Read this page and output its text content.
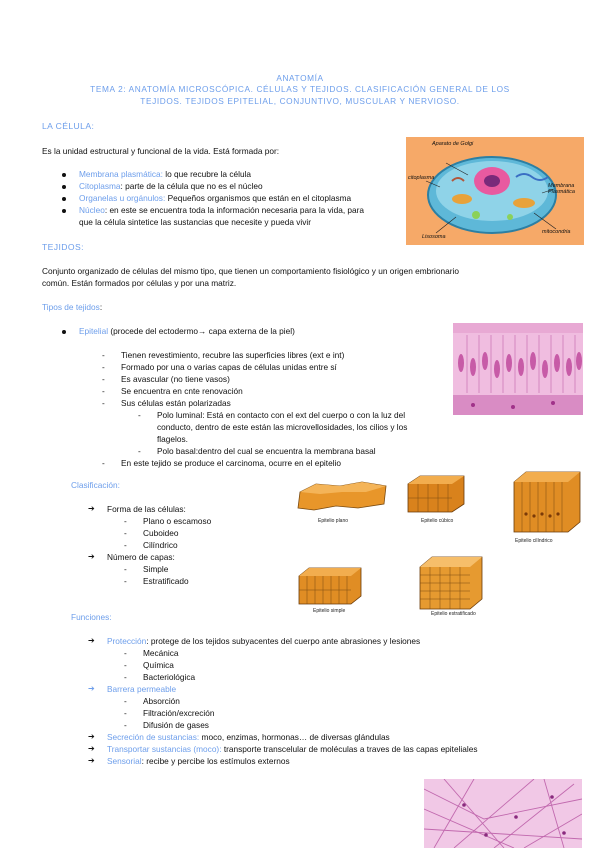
ANATOMÍA
TEMA 2: ANATOMÍA MICROSCÓPICA. CÉLULAS Y TEJIDOS. CLASIFICACIÓN GENERAL DE LOS
TEJIDOS. TEJIDOS EPITELIAL, CONJUNTIVO, MUSCULAR Y NERVIOSO.
LA CÉLULA:
Es la unidad estructural y funcional de la vida. Está formada por:
Membrana plasmática: lo que recubre la célula
Citoplasma: parte de la célula que no es el núcleo
Organelas u orgánulos: Pequeños organismos que están en el citoplasma
Núcleo: en este se encuentra toda la información necesaria para la vida, para
que la célula sintetice las sustancias que necesite y pueda vivir
Aparato de Golgi
citoplasma
Membrana Plasmática
Lisosoma
mitocondria
TEJIDOS:
Conjunto organizado de células del mismo tipo, que tienen un comportamiento fisiológico y un origen embrionario
común. Están formados por células y por una matriz.
Tipos de tejidos:
Epitelial (procede del ectodermo→ capa externa de la piel)
- Tienen revestimiento, recubre las superficies libres (ext e int)
- Formado por una o varias capas de células unidas entre sí
- Es avascular (no tiene vasos)
- Se encuentra en cnte renovación
- Sus células están polarizadas
- Polo luminal: Está en contacto con el ext del cuerpo o con la luz del
conducto, dentro de este están las microvellosidades, los cilios y los
flagelos.
- Polo basal:dentro del cual se encuentra la membrana basal
- En este tejido se produce el carcinoma, ocurre en el epitelio
Clasificación:
➔ Forma de las células:
- Plano o escamoso
- Cuboideo
- Cilíndrico
➔ Número de capas:
- Simple
- Estratificado
Epitelio plano	Epitelio cúbico
Epitelio cilíndrico
Epitelio simple	Epitelio estratificado
Funciones:
➔ Protección: protege de los tejidos subyacentes del cuerpo ante abrasiones y lesiones
- Mecánica
- Química
- Bacteriológica
➔ Barrera permeable
- Absorción
- Filtración/excreción
- Difusión de gases
➔ Secreción de sustancias: moco, enzimas, hormonas… de diversas glándulas
➔ Transportar sustancias (moco): transporte transcelular de moléculas a traves de las capas epiteliales
➔ Sensorial: recibe y percibe los estímulos externos
